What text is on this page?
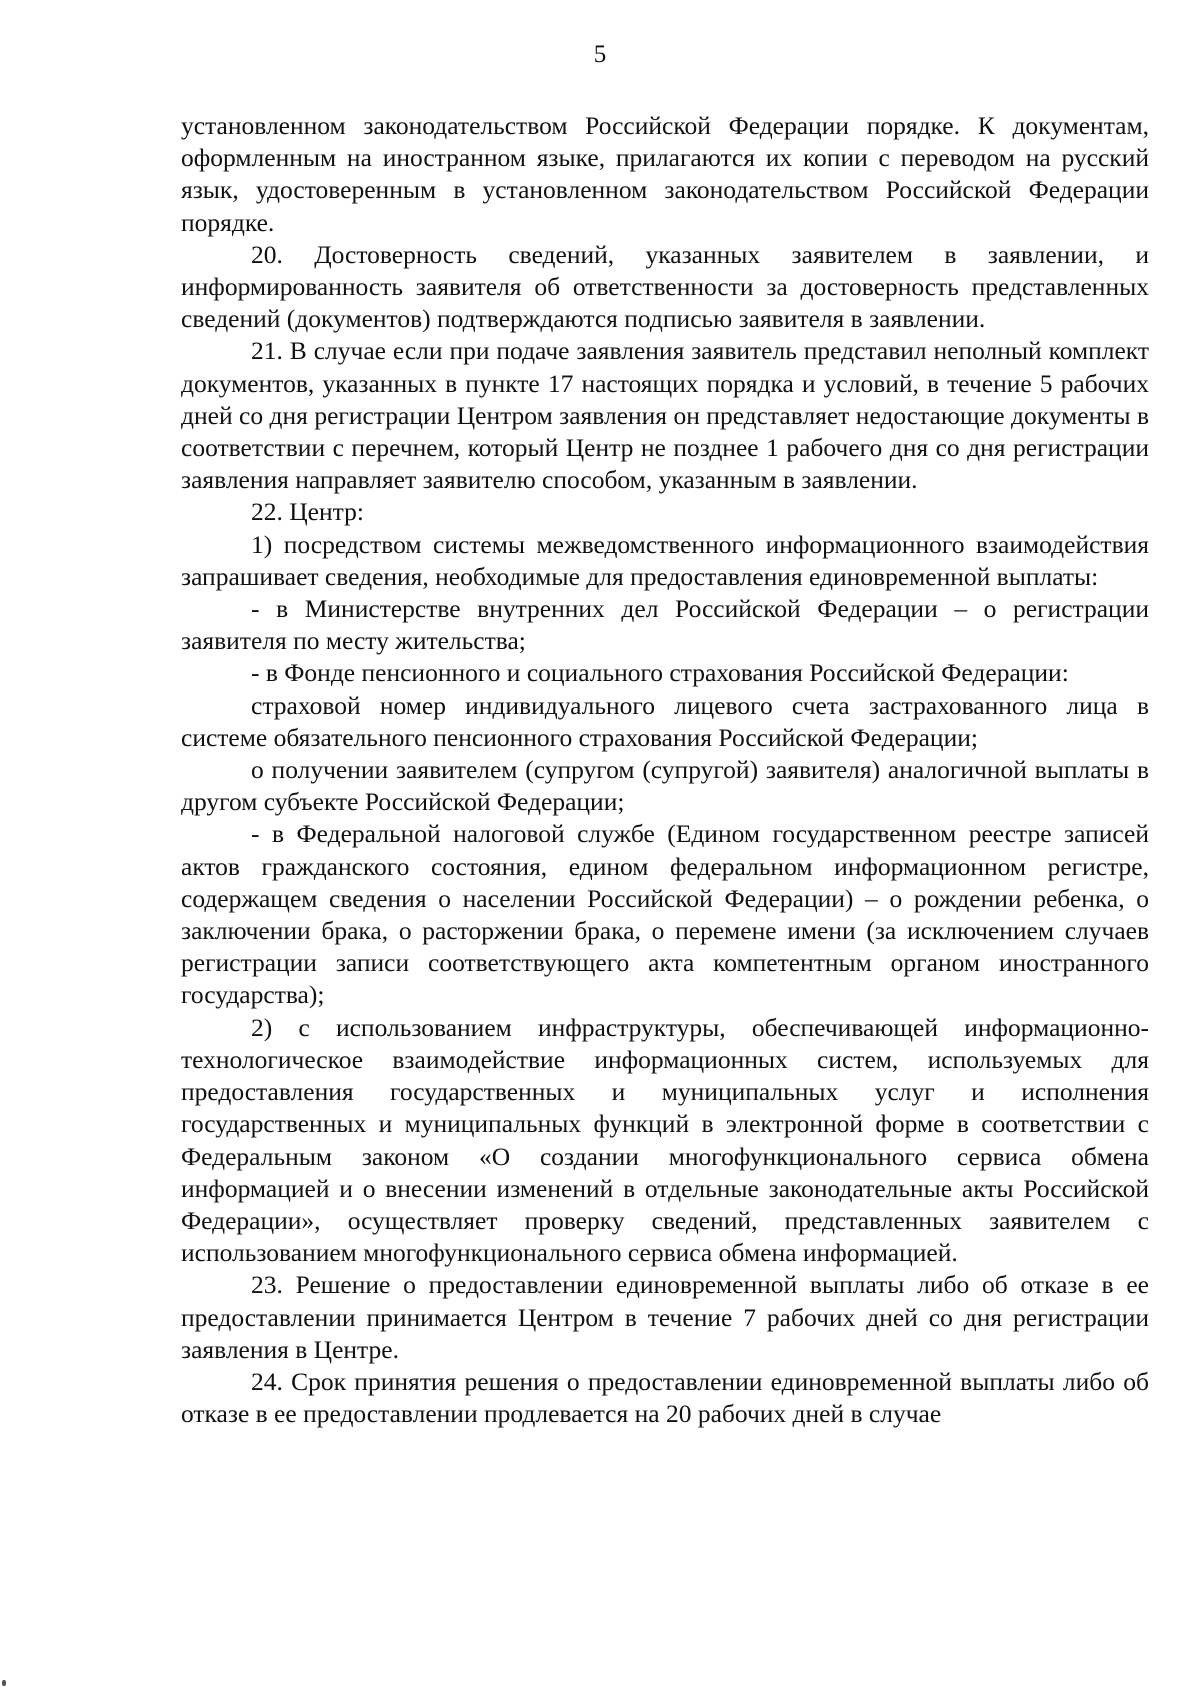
5

установленном законодательством Российской Федерации порядке. К документам, оформленным на иностранном языке, прилагаются их копии с переводом на русский язык, удостоверенным в установленном законодательством Российской Федерации порядке.

20. Достоверность сведений, указанных заявителем в заявлении, и информированность заявителя об ответственности за достоверность представленных сведений (документов) подтверждаются подписью заявителя в заявлении.

21. В случае если при подаче заявления заявитель представил неполный комплект документов, указанных в пункте 17 настоящих порядка и условий, в течение 5 рабочих дней со дня регистрации Центром заявления он представляет недостающие документы в соответствии с перечнем, который Центр не позднее 1 рабочего дня со дня регистрации заявления направляет заявителю способом, указанным в заявлении.

22. Центр:

1) посредством системы межведомственного информационного взаимодействия запрашивает сведения, необходимые для предоставления единовременной выплаты:

- в Министерстве внутренних дел Российской Федерации – о регистрации заявителя по месту жительства;

- в Фонде пенсионного и социального страхования Российской Федерации:

страховой номер индивидуального лицевого счета застрахованного лица в системе обязательного пенсионного страхования Российской Федерации;

о получении заявителем (супругом (супругой) заявителя) аналогичной выплаты в другом субъекте Российской Федерации;

- в Федеральной налоговой службе (Едином государственном реестре записей актов гражданского состояния, едином федеральном информационном регистре, содержащем сведения о населении Российской Федерации) – о рождении ребенка, о заключении брака, о расторжении брака, о перемене имени (за исключением случаев регистрации записи соответствующего акта компетентным органом иностранного государства);

2) с использованием инфраструктуры, обеспечивающей информационно-технологическое взаимодействие информационных систем, используемых для предоставления государственных и муниципальных услуг и исполнения государственных и муниципальных функций в электронной форме в соответствии с Федеральным законом «О создании многофункционального сервиса обмена информацией и о внесении изменений в отдельные законодательные акты Российской Федерации», осуществляет проверку сведений, представленных заявителем с использованием многофункционального сервиса обмена информацией.

23. Решение о предоставлении единовременной выплаты либо об отказе в ее предоставлении принимается Центром в течение 7 рабочих дней со дня регистрации заявления в Центре.

24. Срок принятия решения о предоставлении единовременной выплаты либо об отказе в ее предоставлении продлевается на 20 рабочих дней в случае
